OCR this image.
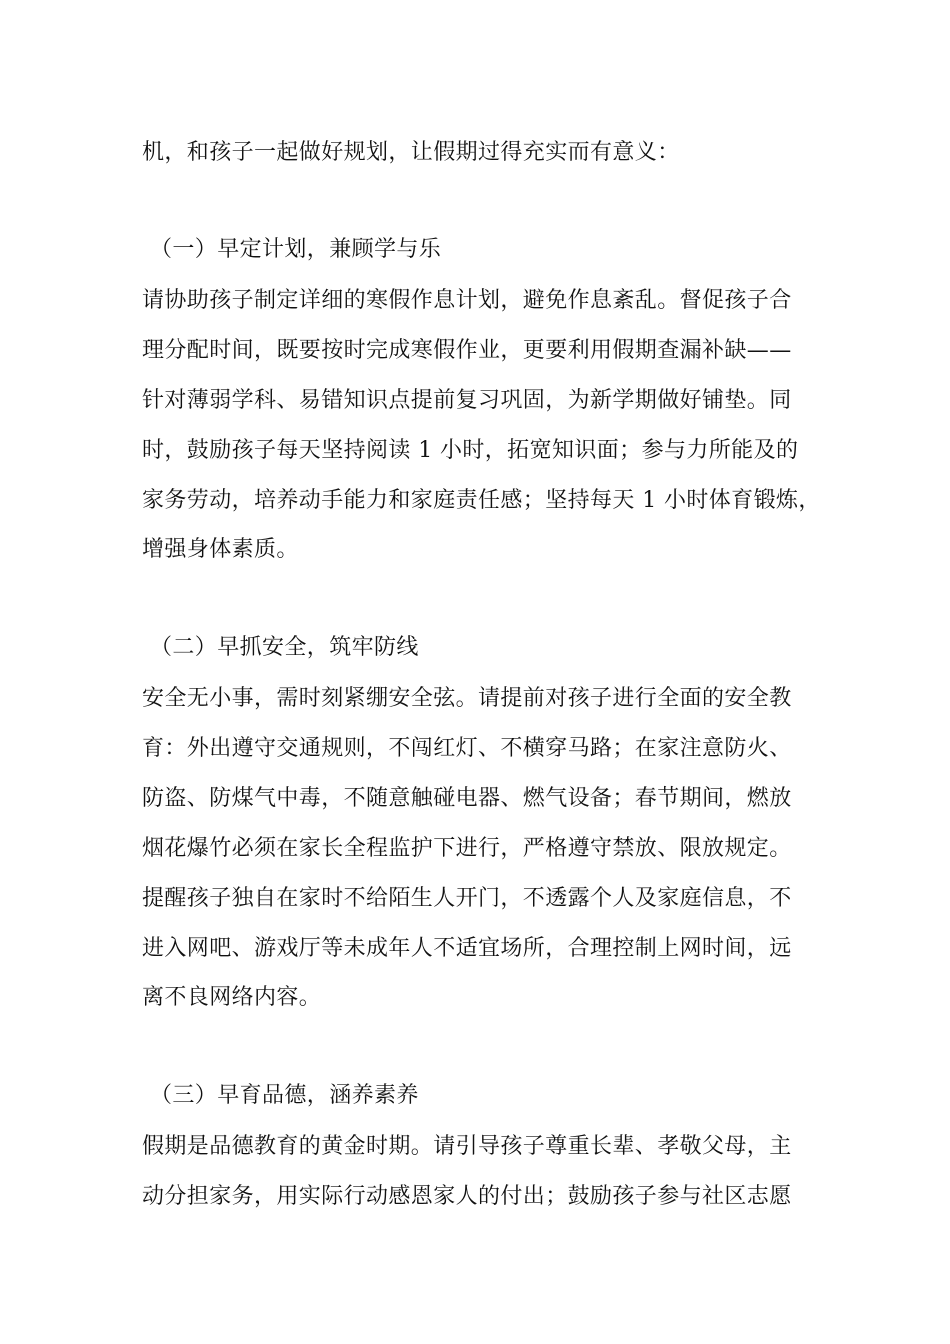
机，和孩子一起做好规划，让假期过得充实而有意义：
（一）早定计划，兼顾学与乐
请协助孩子制定详细的寒假作息计划，避免作息紊乱。督促孩子合
理分配时间，既要按时完成寒假作业，更要利用假期查漏补缺——
针对薄弱学科、易错知识点提前复习巩固，为新学期做好铺垫。同
时，鼓励孩子每天坚持阅读 1 小时，拓宽知识面；参与力所能及的
家务劳动，培养动手能力和家庭责任感；坚持每天 1 小时体育锻炼，
增强身体素质。
（二）早抓安全，筑牢防线
安全无小事，需时刻紧绷安全弦。请提前对孩子进行全面的安全教
育：外出遵守交通规则，不闯红灯、不横穿马路；在家注意防火、
防盗、防煤气中毒，不随意触碰电器、燃气设备；春节期间，燃放
烟花爆竹必须在家长全程监护下进行，严格遵守禁放、限放规定。
提醒孩子独自在家时不给陌生人开门，不透露个人及家庭信息，不
进入网吧、游戏厅等未成年人不适宜场所，合理控制上网时间，远
离不良网络内容。
（三）早育品德，涵养素养
假期是品德教育的黄金时期。请引导孩子尊重长辈、孝敬父母，主
动分担家务，用实际行动感恩家人的付出；鼓励孩子参与社区志愿
